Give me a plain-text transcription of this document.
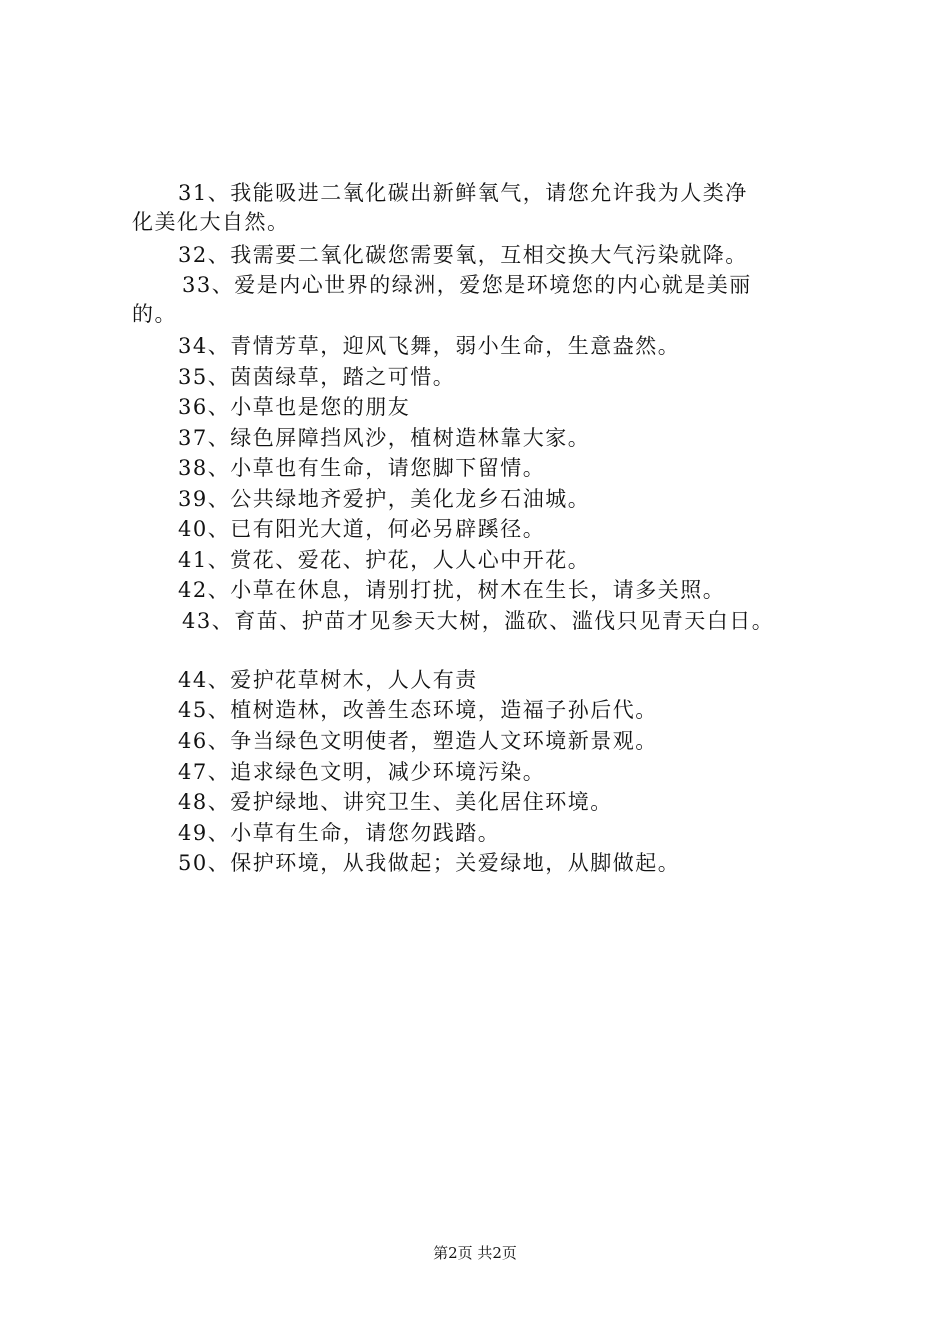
31、我能吸进二氧化碳出新鲜氧气，请您允许我为人类净
化美化大自然。
32、我需要二氧化碳您需要氧，互相交换大气污染就降。
33、爱是内心世界的绿洲，爱您是环境您的内心就是美丽
的。
34、青情芳草，迎风飞舞，弱小生命，生意盎然。
35、茵茵绿草，踏之可惜。
36、小草也是您的朋友
37、绿色屏障挡风沙，植树造林靠大家。
38、小草也有生命，请您脚下留情。
39、公共绿地齐爱护，美化龙乡石油城。
40、已有阳光大道，何必另辟蹊径。
41、赏花、爱花、护花，人人心中开花。
42、小草在休息，请别打扰，树木在生长，请多关照。
43、育苗、护苗才见参天大树，滥砍、滥伐只见青天白日。
44、爱护花草树木，人人有责
45、植树造林，改善生态环境，造福子孙后代。
46、争当绿色文明使者，塑造人文环境新景观。
47、追求绿色文明，减少环境污染。
48、爱护绿地、讲究卫生、美化居住环境。
49、小草有生命，请您勿践踏。
50、保护环境，从我做起；关爱绿地，从脚做起。
第2页 共2页
